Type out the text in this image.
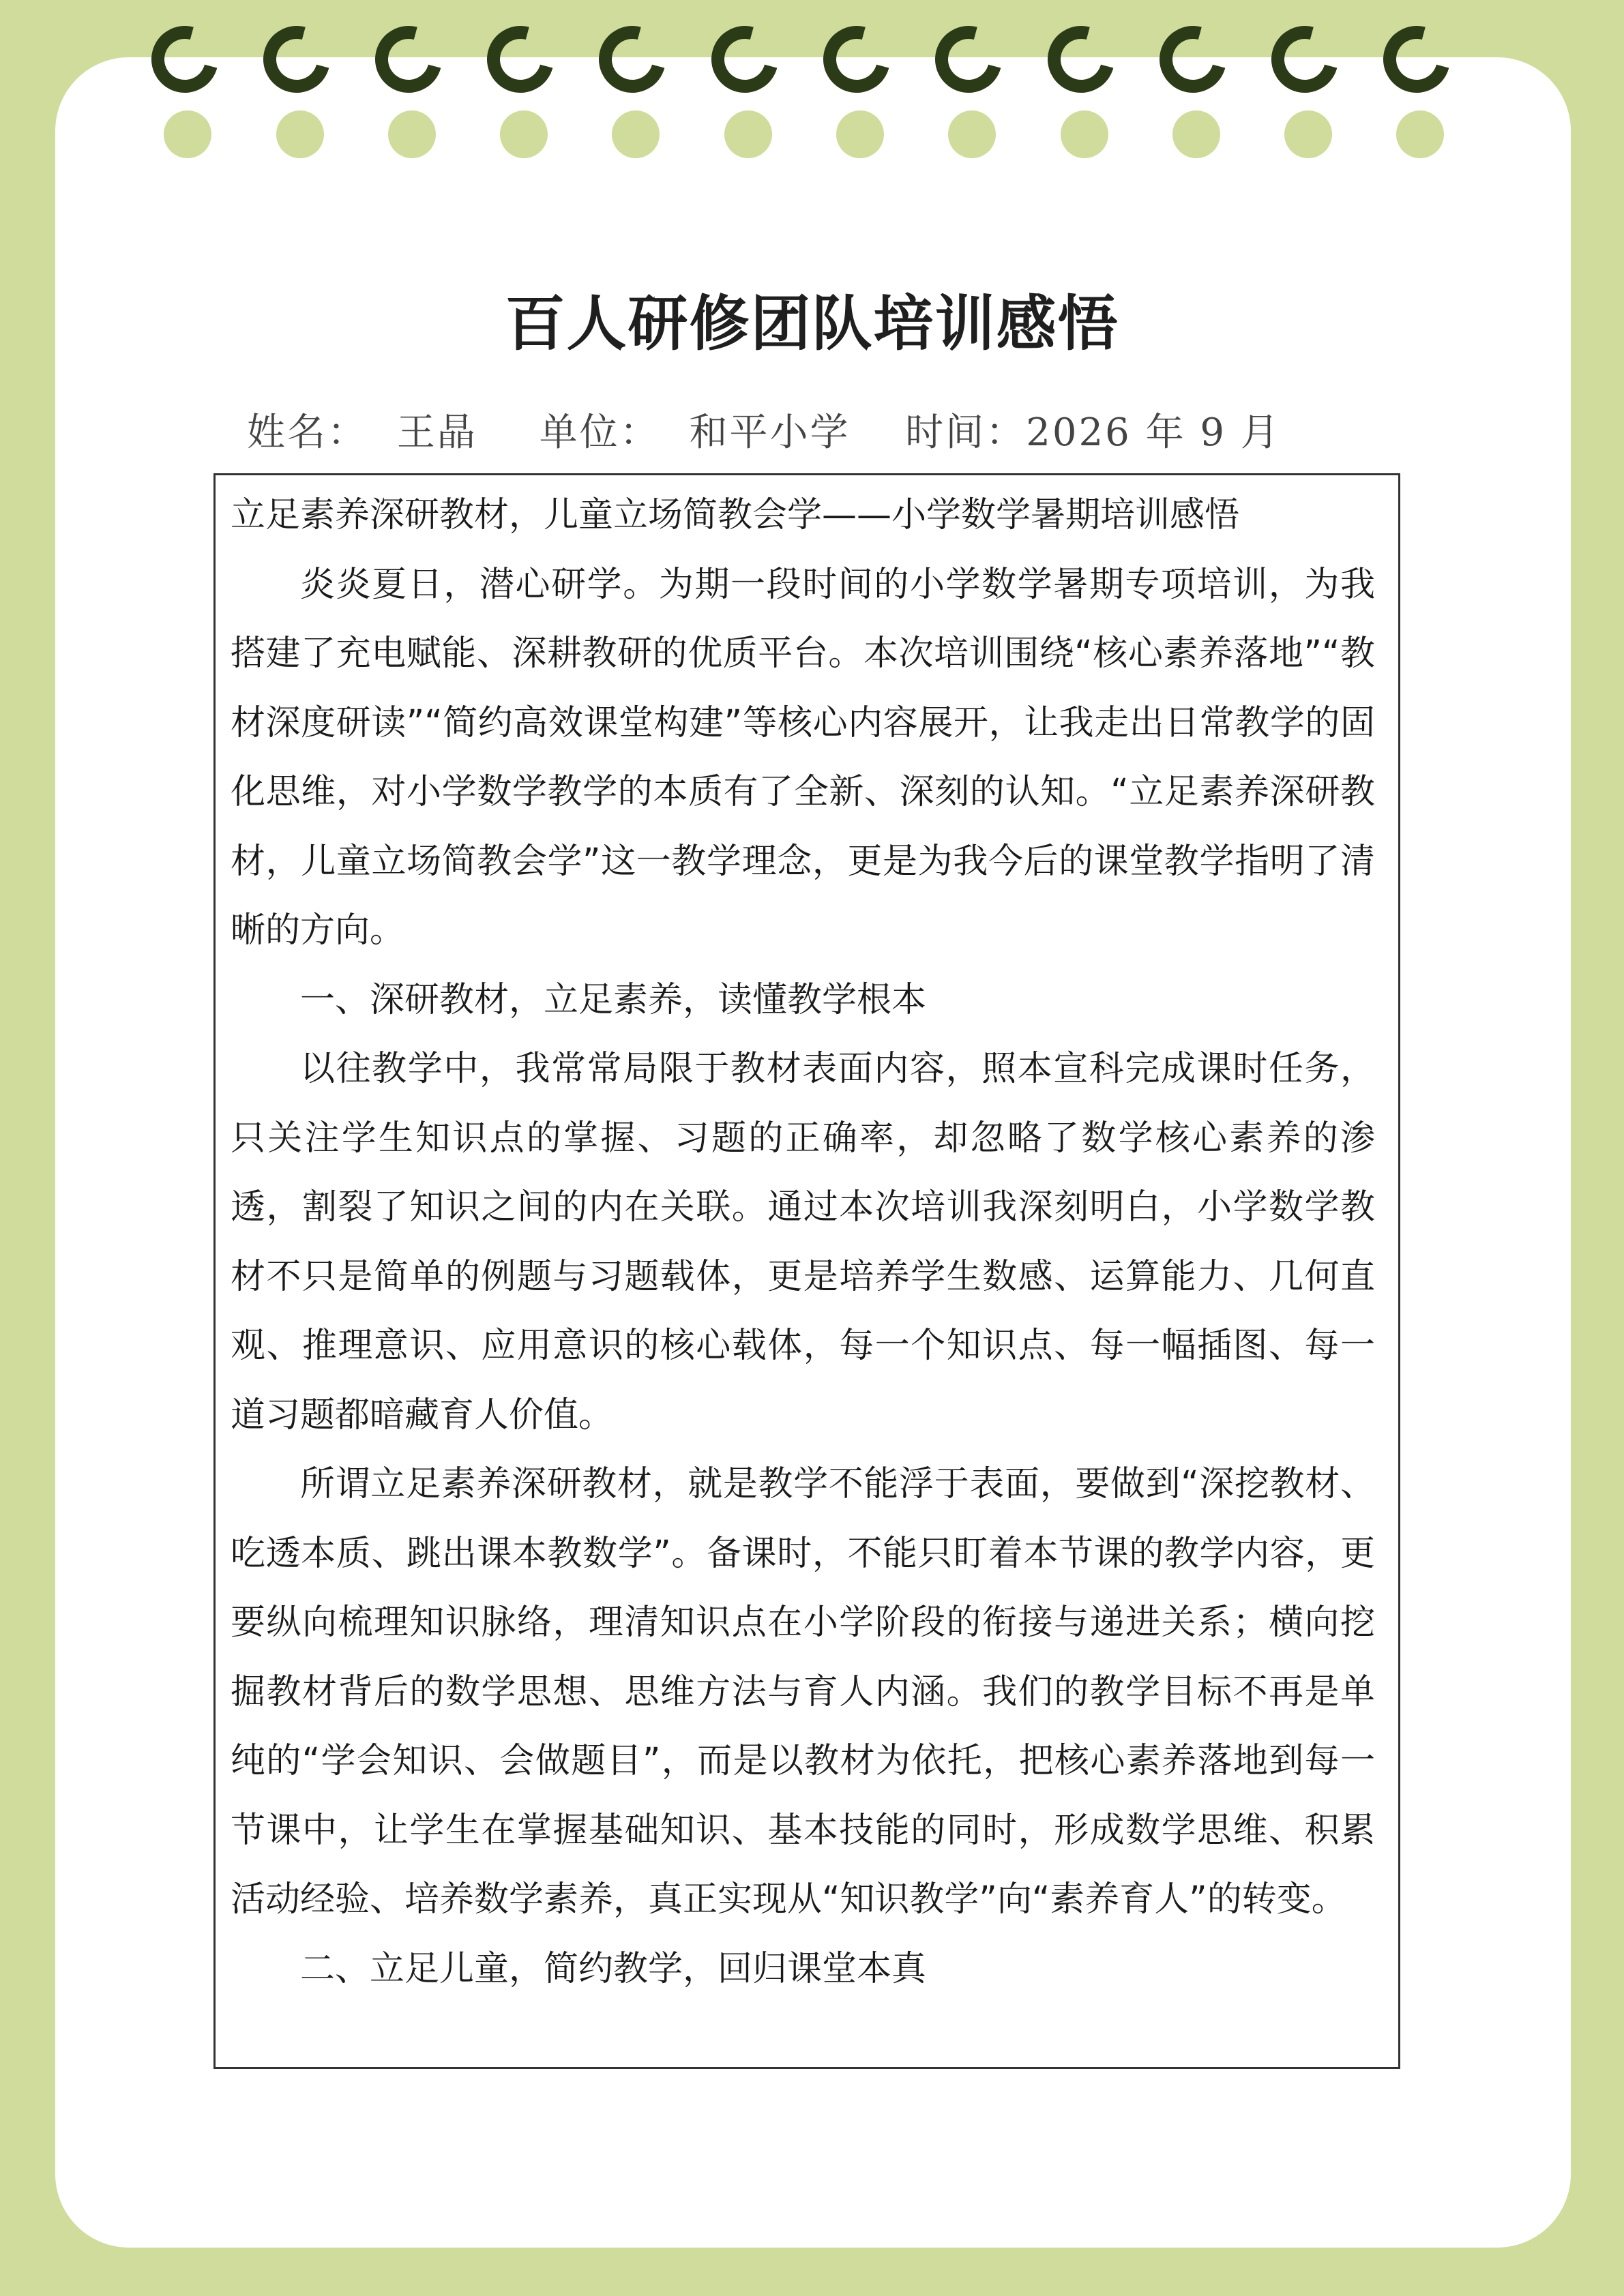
百人研修团队培训感悟
姓名： 王晶 单位： 和平小学 时间：2026 年 9 月

立足素养深研教材，儿童立场简教会学——小学数学暑期培训感悟

炎炎夏日，潜心研学。为期一段时间的小学数学暑期专项培训，为我搭建了充电赋能、深耕教研的优质平台。本次培训围绕“核心素养落地”“教材深度研读”“简约高效课堂构建”等核心内容展开，让我走出日常教学的固化思维，对小学数学教学的本质有了全新、深刻的认知。“立足素养深研教材，儿童立场简教会学”这一教学理念，更是为我今后的课堂教学指明了清晰的方向。

一、深研教材，立足素养，读懂教学根本

以往教学中，我常常局限于教材表面内容，照本宣科完成课时任务，只关注学生知识点的掌握、习题的正确率，却忽略了数学核心素养的渗透，割裂了知识之间的内在关联。通过本次培训我深刻明白，小学数学教材不只是简单的例题与习题载体，更是培养学生数感、运算能力、几何直观、推理意识、应用意识的核心载体，每一个知识点、每一幅插图、每一道习题都暗藏育人价值。

所谓立足素养深研教材，就是教学不能浮于表面，要做到“深挖教材、吃透本质、跳出课本教数学”。备课时，不能只盯着本节课的教学内容，更要纵向梳理知识脉络，理清知识点在小学阶段的衔接与递进关系；横向挖掘教材背后的数学思想、思维方法与育人内涵。我们的教学目标不再是单纯的“学会知识、会做题目”，而是以教材为依托，把核心素养落地到每一节课中，让学生在掌握基础知识、基本技能的同时，形成数学思维、积累活动经验、培养数学素养，真正实现从“知识教学”向“素养育人”的转变。

二、立足儿童，简约教学，回归课堂本真
